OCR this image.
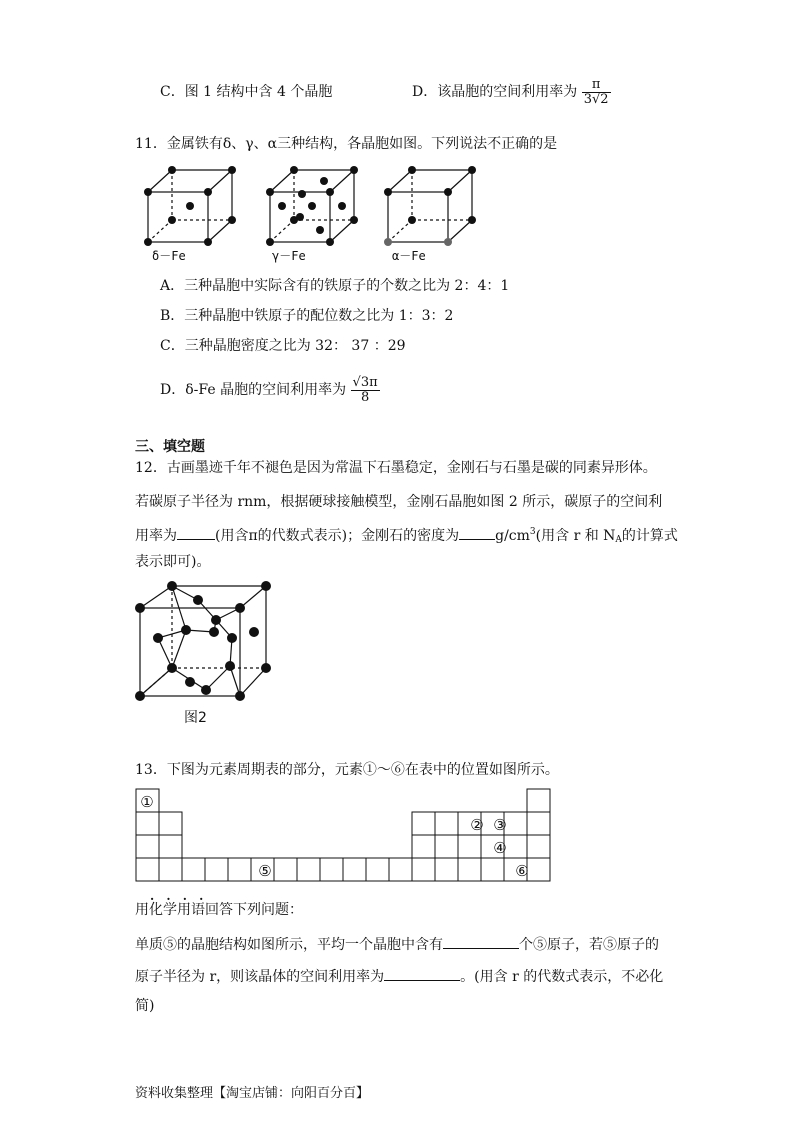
C．图 1 结构中含 4 个晶胞	D．该晶胞的空间利用率为 $\frac{\pi}{3√2}$
11．金属铁有δ、γ、α三种结构，各晶胞如图。下列说法不正确的是
δ－Fe	γ－Fe	α－Fe
A．三种晶胞中实际含有的铁原子的个数之比为 2：4：1
B．三种晶胞中铁原子的配位数之比为 1：3：2
C．三种晶胞密度之比为 32： 37 ：29
D．δ-Fe 晶胞的空间利用率为 $\frac{√3\pi}{8}$
三、填空题
12．古画墨迹千年不褪色是因为常温下石墨稳定，金刚石与石墨是碳的同素异形体。
若碳原子半径为 rnm，根据硬球接触模型，金刚石晶胞如图 2 所示，碳原子的空间利
用率为	(用含π的代数式表示)；金刚石的密度为	$g/cm^3$(用含 r 和 $N_A$的计算式
表示即可)。
图2
13．下图为元素周期表的部分，元素①～⑥在表中的位置如图所示。
①
② ③
④
⑤	⑥
. . . .
用化学用语回答下列问题：
单质⑤的晶胞结构如图所示，平均一个晶胞中含有	个⑤原子，若⑤原子的
原子半径为 r，则该晶体的空间利用率为	。(用含 r 的代数式表示，不必化
简)
资料收集整理【淘宝店铺：向阳百分百】
